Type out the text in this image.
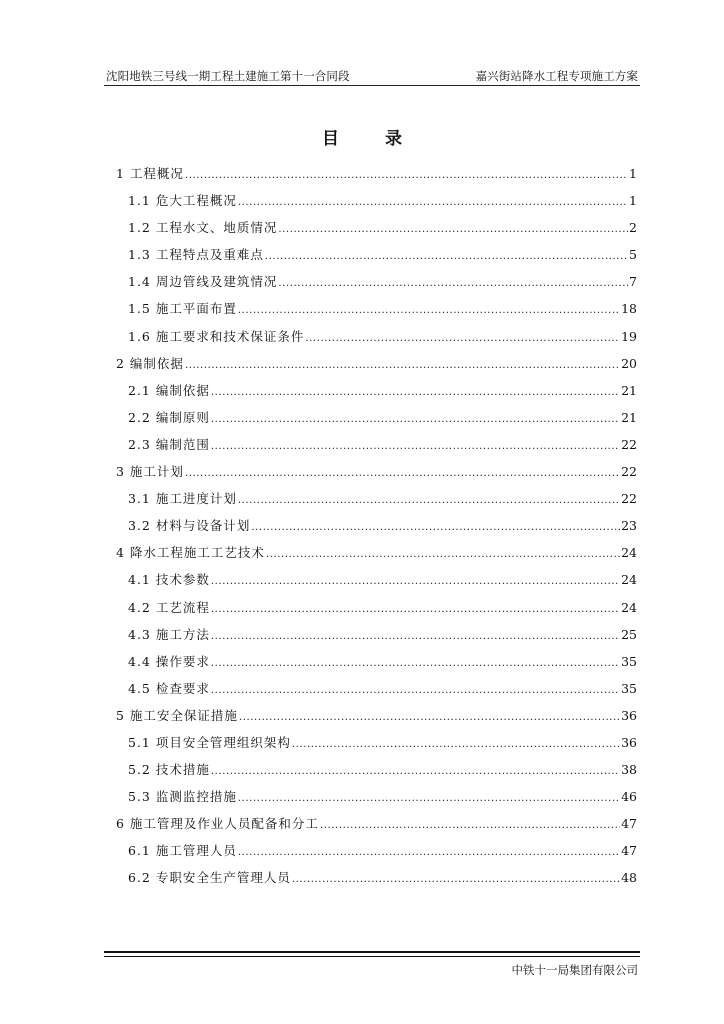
沈阳地铁三号线一期工程土建施工第十一合同段	嘉兴街站降水工程专项施工方案
目 录
1 工程概况 .....	1
1.1 危大工程概况 .....	1
1.2 工程水文、地质情况 .....	2
1.3 工程特点及重难点 .....	5
1.4 周边管线及建筑情况 .....	7
1.5 施工平面布置 .....	18
1.6 施工要求和技术保证条件 .....	19
2 编制依据 .....	20
2.1 编制依据 .....	21
2.2 编制原则 .....	21
2.3 编制范围 .....	22
3 施工计划 .....	22
3.1 施工进度计划 .....	22
3.2 材料与设备计划 .....	23
4 降水工程施工工艺技术 .....	24
4.1 技术参数 .....	24
4.2 工艺流程 .....	24
4.3 施工方法 .....	25
4.4 操作要求 .....	35
4.5 检查要求 .....	35
5 施工安全保证措施 .....	36
5.1 项目安全管理组织架构 .....	36
5.2 技术措施 .....	38
5.3 监测监控措施 .....	46
6 施工管理及作业人员配备和分工 .....	47
6.1 施工管理人员 .....	47
6.2 专职安全生产管理人员 .....	48
中铁十一局集团有限公司
